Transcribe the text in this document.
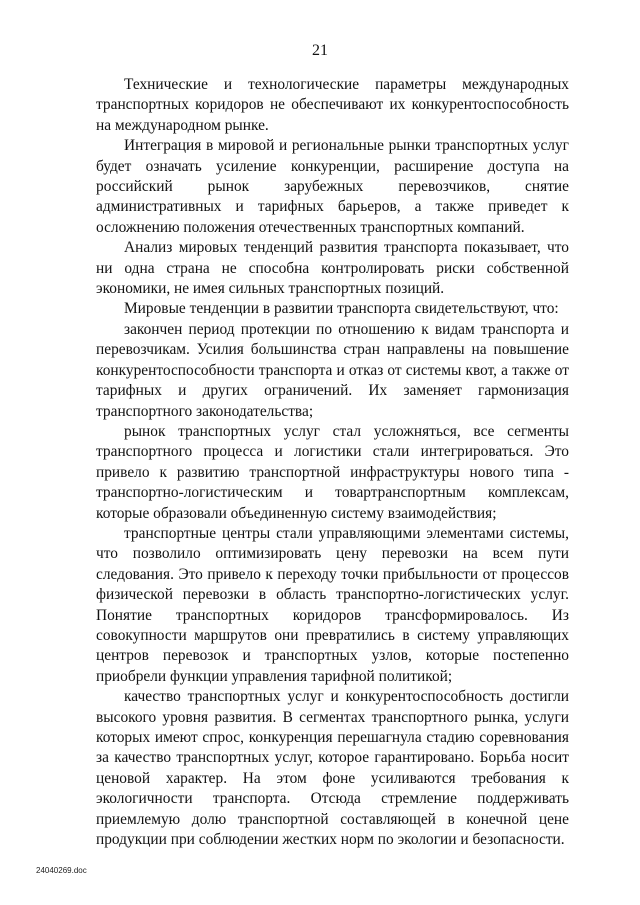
21

Технические и технологические параметры международных транспортных коридоров не обеспечивают их конкурентоспособность на международном рынке.

Интеграция в мировой и региональные рынки транспортных услуг будет означать усиление конкуренции, расширение доступа на российский рынок зарубежных перевозчиков, снятие административных и тарифных барьеров, а также приведет к осложнению положения отечественных транспортных компаний.

Анализ мировых тенденций развития транспорта показывает, что ни одна страна не способна контролировать риски собственной экономики, не имея сильных транспортных позиций.

Мировые тенденции в развитии транспорта свидетельствуют, что:

закончен период протекции по отношению к видам транспорта и перевозчикам. Усилия большинства стран направлены на повышение конкурентоспособности транспорта и отказ от системы квот, а также от тарифных и других ограничений. Их заменяет гармонизация транспортного законодательства;

рынок транспортных услуг стал усложняться, все сегменты транспортного процесса и логистики стали интегрироваться. Это привело к развитию транспортной инфраструктуры нового типа - транспортно-логистическим и товартранспортным комплексам, которые образовали объединенную систему взаимодействия;

транспортные центры стали управляющими элементами системы, что позволило оптимизировать цену перевозки на всем пути следования. Это привело к переходу точки прибыльности от процессов физической перевозки в область транспортно-логистических услуг. Понятие транспортных коридоров трансформировалось. Из совокупности маршрутов они превратились в систему управляющих центров перевозок и транспортных узлов, которые постепенно приобрели функции управления тарифной политикой;

качество транспортных услуг и конкурентоспособность достигли высокого уровня развития. В сегментах транспортного рынка, услуги которых имеют спрос, конкуренция перешагнула стадию соревнования за качество транспортных услуг, которое гарантировано. Борьба носит ценовой характер. На этом фоне усиливаются требования к экологичности транспорта. Отсюда стремление поддерживать приемлемую долю транспортной составляющей в конечной цене продукции при соблюдении жестких норм по экологии и безопасности.

24040269.doc
